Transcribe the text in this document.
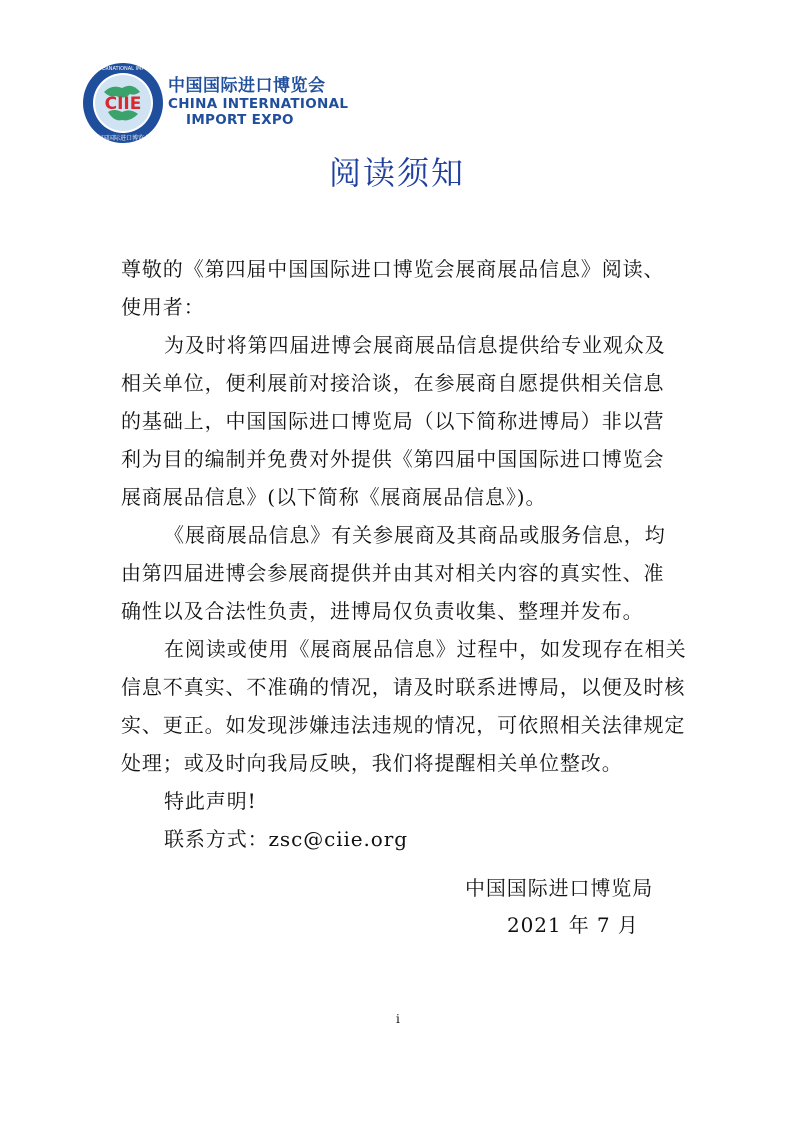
CIIE
CHINA INTERNATIONAL IMPORT EXPO
中国国际进口博览会
中国国际进口博览会
CHINA INTERNATIONAL
IMPORT EXPO
阅读须知
尊敬的《第四届中国国际进口博览会展商展品信息》阅读、
使用者：
为及时将第四届进博会展商展品信息提供给专业观众及
相关单位，便利展前对接洽谈，在参展商自愿提供相关信息
的基础上，中国国际进口博览局（以下简称进博局）非以营
利为目的编制并免费对外提供《第四届中国国际进口博览会
展商展品信息》(以下简称《展商展品信息》)。
《展商展品信息》有关参展商及其商品或服务信息，均
由第四届进博会参展商提供并由其对相关内容的真实性、准
确性以及合法性负责，进博局仅负责收集、整理并发布。
在阅读或使用《展商展品信息》过程中，如发现存在相关
信息不真实、不准确的情况，请及时联系进博局，以便及时核
实、更正。如发现涉嫌违法违规的情况，可依照相关法律规定
处理；或及时向我局反映，我们将提醒相关单位整改。
特此声明!
联系方式：zsc@ciie.org
中国国际进口博览局
2021 年 7 月
i
